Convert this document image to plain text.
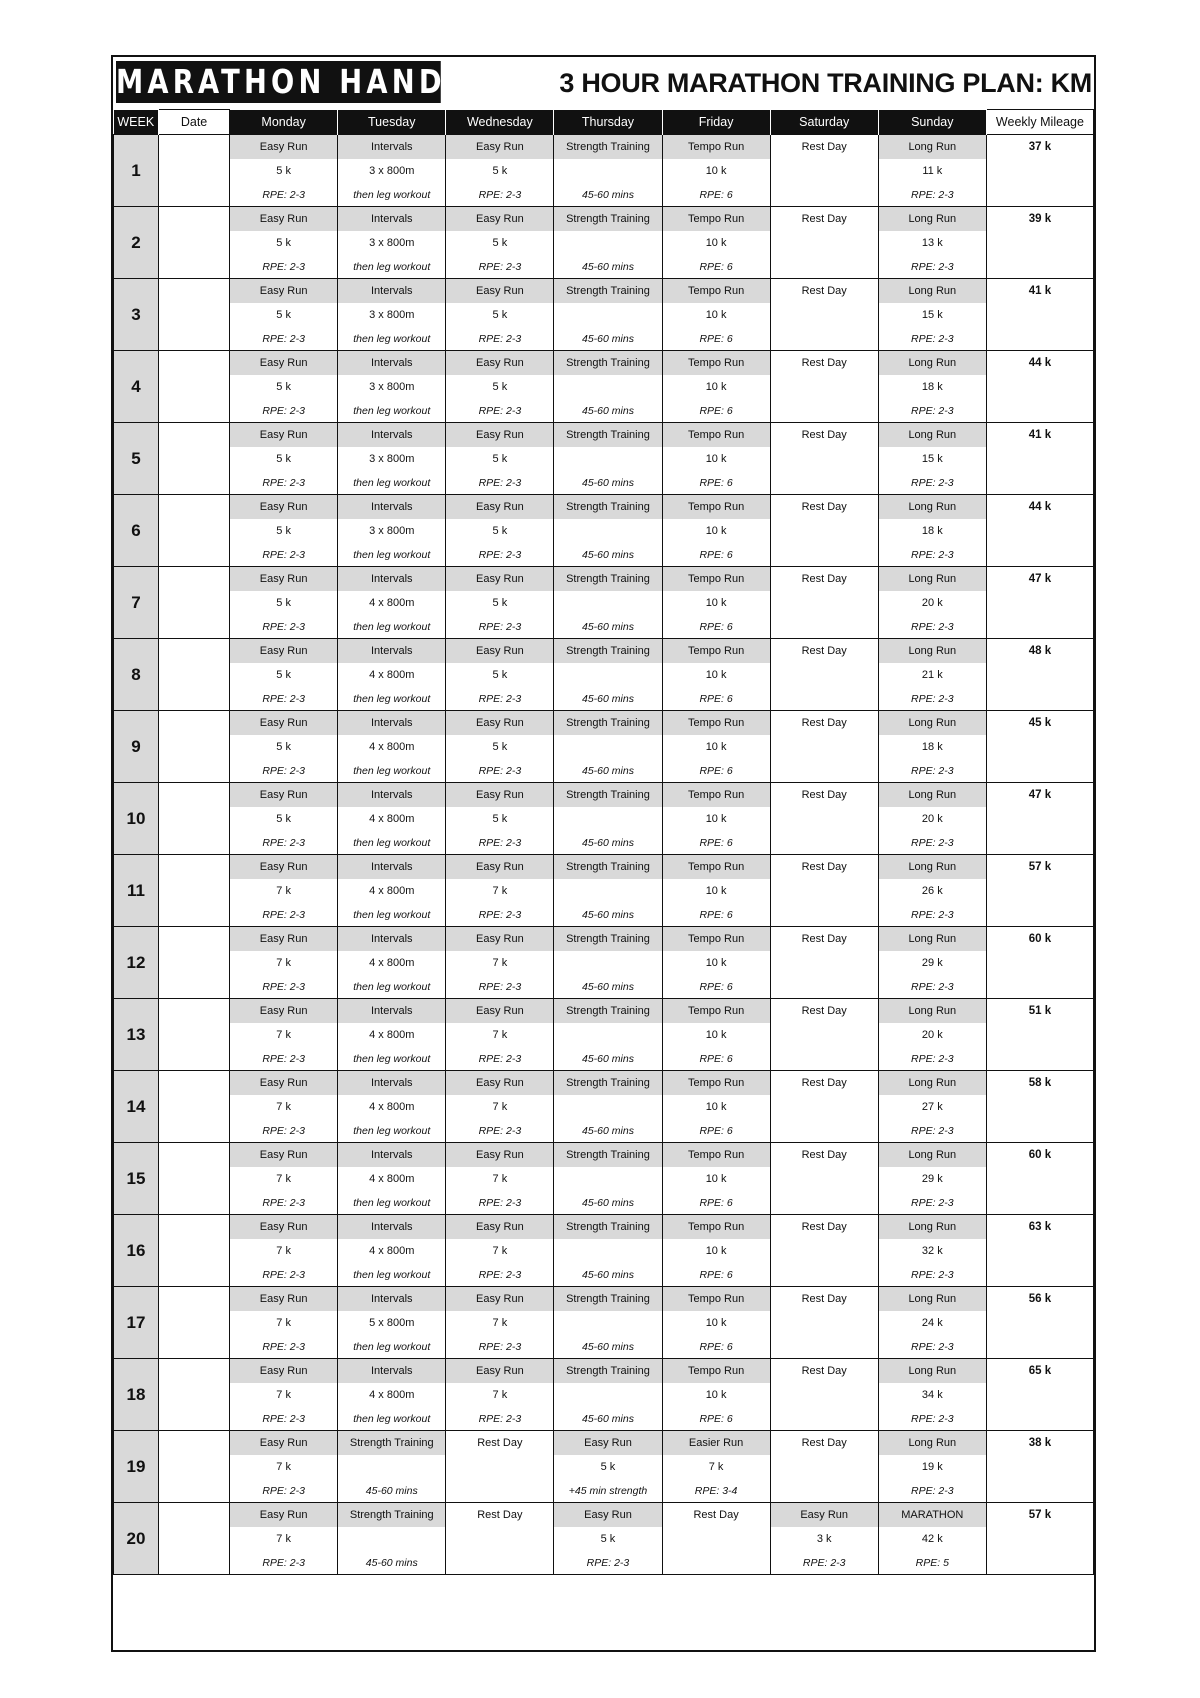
MARATHON HANDBOOK 3 HOUR MARATHON TRAINING PLAN: KM
WEEK	Date	Monday	Tuesday	Wednesday	Thursday	Friday	Saturday	Sunday	Weekly Mileage
1		Easy Run	Intervals	Easy Run	Strength Training	Tempo Run	Rest Day	Long Run	37 k
		5 k	3 x 800m	5 k		10 k		11 k	
		RPE: 2-3	then leg workout	RPE: 2-3	45-60 mins	RPE: 6		RPE: 2-3	
2		Easy Run	Intervals	Easy Run	Strength Training	Tempo Run	Rest Day	Long Run	39 k
		5 k	3 x 800m	5 k		10 k		13 k	
		RPE: 2-3	then leg workout	RPE: 2-3	45-60 mins	RPE: 6		RPE: 2-3	
3		Easy Run	Intervals	Easy Run	Strength Training	Tempo Run	Rest Day	Long Run	41 k
		5 k	3 x 800m	5 k		10 k		15 k	
		RPE: 2-3	then leg workout	RPE: 2-3	45-60 mins	RPE: 6		RPE: 2-3	
4		Easy Run	Intervals	Easy Run	Strength Training	Tempo Run	Rest Day	Long Run	44 k
		5 k	3 x 800m	5 k		10 k		18 k	
		RPE: 2-3	then leg workout	RPE: 2-3	45-60 mins	RPE: 6		RPE: 2-3	
5		Easy Run	Intervals	Easy Run	Strength Training	Tempo Run	Rest Day	Long Run	41 k
		5 k	3 x 800m	5 k		10 k		15 k	
		RPE: 2-3	then leg workout	RPE: 2-3	45-60 mins	RPE: 6		RPE: 2-3	
6		Easy Run	Intervals	Easy Run	Strength Training	Tempo Run	Rest Day	Long Run	44 k
		5 k	3 x 800m	5 k		10 k		18 k	
		RPE: 2-3	then leg workout	RPE: 2-3	45-60 mins	RPE: 6		RPE: 2-3	
7		Easy Run	Intervals	Easy Run	Strength Training	Tempo Run	Rest Day	Long Run	47 k
		5 k	4 x 800m	5 k		10 k		20 k	
		RPE: 2-3	then leg workout	RPE: 2-3	45-60 mins	RPE: 6		RPE: 2-3	
8		Easy Run	Intervals	Easy Run	Strength Training	Tempo Run	Rest Day	Long Run	48 k
		5 k	4 x 800m	5 k		10 k		21 k	
		RPE: 2-3	then leg workout	RPE: 2-3	45-60 mins	RPE: 6		RPE: 2-3	
9		Easy Run	Intervals	Easy Run	Strength Training	Tempo Run	Rest Day	Long Run	45 k
		5 k	4 x 800m	5 k		10 k		18 k	
		RPE: 2-3	then leg workout	RPE: 2-3	45-60 mins	RPE: 6		RPE: 2-3	
10		Easy Run	Intervals	Easy Run	Strength Training	Tempo Run	Rest Day	Long Run	47 k
		5 k	4 x 800m	5 k		10 k		20 k	
		RPE: 2-3	then leg workout	RPE: 2-3	45-60 mins	RPE: 6		RPE: 2-3	
11		Easy Run	Intervals	Easy Run	Strength Training	Tempo Run	Rest Day	Long Run	57 k
		7 k	4 x 800m	7 k		10 k		26 k	
		RPE: 2-3	then leg workout	RPE: 2-3	45-60 mins	RPE: 6		RPE: 2-3	
12		Easy Run	Intervals	Easy Run	Strength Training	Tempo Run	Rest Day	Long Run	60 k
		7 k	4 x 800m	7 k		10 k		29 k	
		RPE: 2-3	then leg workout	RPE: 2-3	45-60 mins	RPE: 6		RPE: 2-3	
13		Easy Run	Intervals	Easy Run	Strength Training	Tempo Run	Rest Day	Long Run	51 k
		7 k	4 x 800m	7 k		10 k		20 k	
		RPE: 2-3	then leg workout	RPE: 2-3	45-60 mins	RPE: 6		RPE: 2-3	
14		Easy Run	Intervals	Easy Run	Strength Training	Tempo Run	Rest Day	Long Run	58 k
		7 k	4 x 800m	7 k		10 k		27 k	
		RPE: 2-3	then leg workout	RPE: 2-3	45-60 mins	RPE: 6		RPE: 2-3	
15		Easy Run	Intervals	Easy Run	Strength Training	Tempo Run	Rest Day	Long Run	60 k
		7 k	4 x 800m	7 k		10 k		29 k	
		RPE: 2-3	then leg workout	RPE: 2-3	45-60 mins	RPE: 6		RPE: 2-3	
16		Easy Run	Intervals	Easy Run	Strength Training	Tempo Run	Rest Day	Long Run	63 k
		7 k	4 x 800m	7 k		10 k		32 k	
		RPE: 2-3	then leg workout	RPE: 2-3	45-60 mins	RPE: 6		RPE: 2-3	
17		Easy Run	Intervals	Easy Run	Strength Training	Tempo Run	Rest Day	Long Run	56 k
		7 k	5 x 800m	7 k		10 k		24 k	
		RPE: 2-3	then leg workout	RPE: 2-3	45-60 mins	RPE: 6		RPE: 2-3	
18		Easy Run	Intervals	Easy Run	Strength Training	Tempo Run	Rest Day	Long Run	65 k
		7 k	4 x 800m	7 k		10 k		34 k	
		RPE: 2-3	then leg workout	RPE: 2-3	45-60 mins	RPE: 6		RPE: 2-3	
19		Easy Run	Strength Training	Rest Day	Easy Run	Easier Run	Rest Day	Long Run	38 k
		7 k			5 k	7 k		19 k	
		RPE: 2-3	45-60 mins		+45 min strength	RPE: 3-4		RPE: 2-3	
20		Easy Run	Strength Training	Rest Day	Easy Run	Rest Day	Easy Run	MARATHON	57 k
		7 k			5 k		3 k	42 k	
		RPE: 2-3	45-60 mins		RPE: 2-3		RPE: 2-3	RPE: 5	
